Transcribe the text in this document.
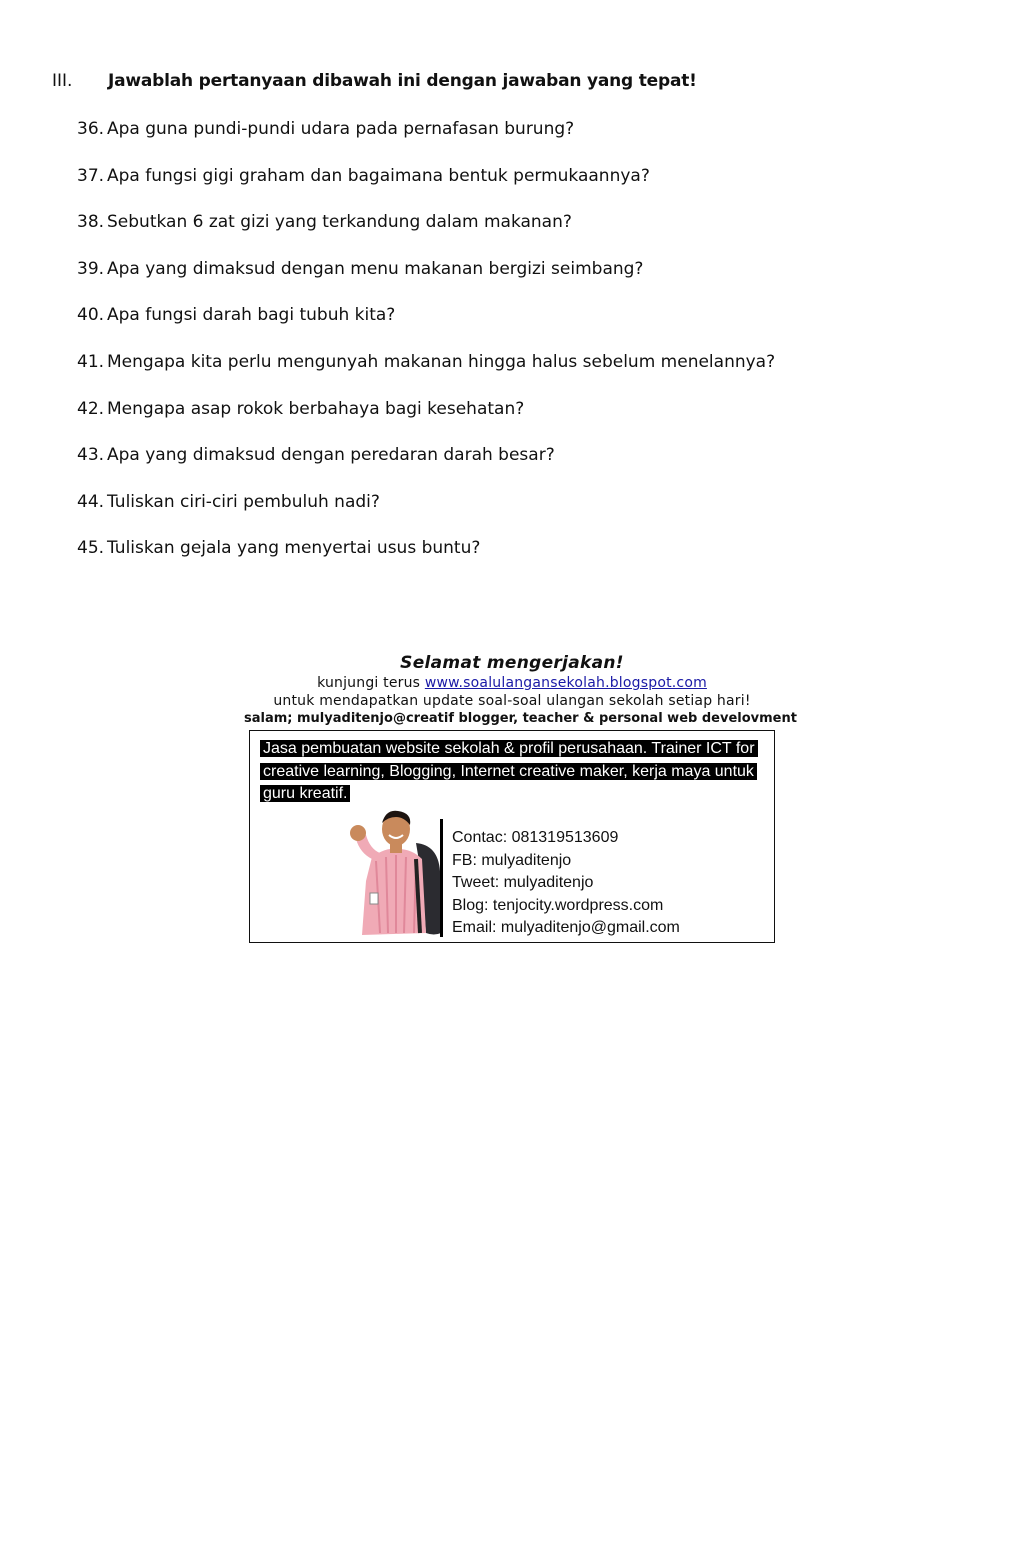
III.	Jawablah pertanyaan dibawah ini dengan jawaban yang tepat!
36. Apa guna pundi-pundi udara pada pernafasan burung?
37. Apa fungsi gigi graham dan bagaimana bentuk permukaannya?
38. Sebutkan 6 zat gizi yang terkandung dalam makanan?
39. Apa yang dimaksud dengan menu makanan bergizi seimbang?
40. Apa fungsi darah bagi tubuh kita?
41. Mengapa kita perlu mengunyah makanan hingga halus sebelum menelannya?
42. Mengapa asap rokok berbahaya bagi kesehatan?
43. Apa yang dimaksud dengan peredaran darah besar?
44. Tuliskan ciri-ciri pembuluh nadi?
45. Tuliskan gejala yang menyertai usus buntu?
Selamat mengerjakan!
kunjungi terus www.soalulangansekolah.blogspot.com
untuk mendapatkan update soal-soal ulangan sekolah setiap hari!
salam; mulyaditenjo@creatif blogger, teacher & personal web develovment
Jasa pembuatan website sekolah & profil perusahaan. Trainer ICT for creative learning, Blogging, Internet creative maker, kerja maya untuk guru kreatif.
Contac: 081319513609
FB: mulyaditenjo
Tweet: mulyaditenjo
Blog: tenjocity.wordpress.com
Email: mulyaditenjo@gmail.com
